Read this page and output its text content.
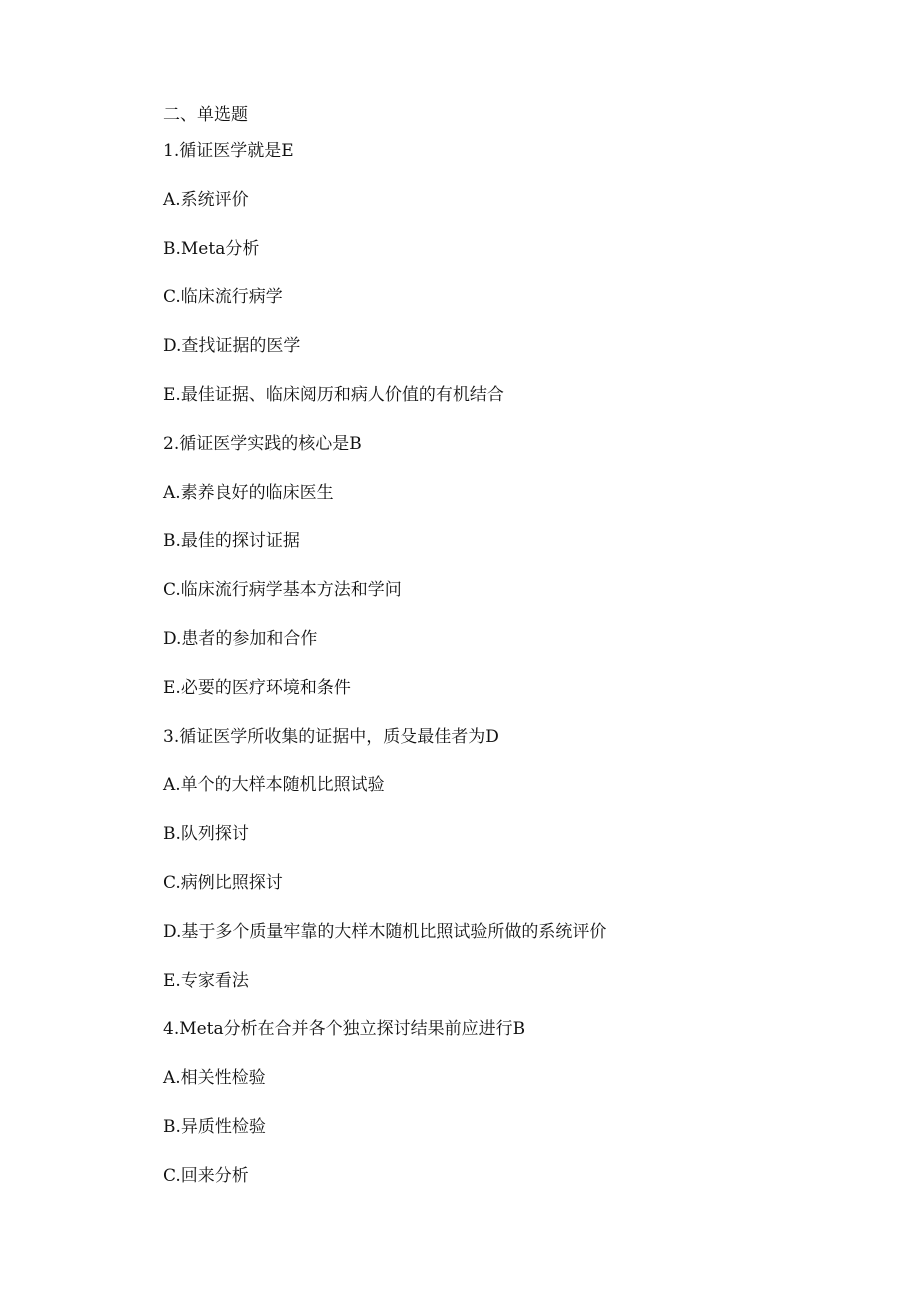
二、单选题
1.循证医学就是E
A.系统评价
B.Meta分析
C.临床流行病学
D.查找证据的医学
E.最佳证据、临床阅历和病人价值的有机结合
2.循证医学实践的核心是B
A.素养良好的临床医生
B.最佳的探讨证据
C.临床流行病学基本方法和学问
D.患者的参加和合作
E.必要的医疗环境和条件
3.循证医学所收集的证据中，质殳最佳者为D
A.单个的大样本随机比照试验
B.队列探讨
C.病例比照探讨
D.基于多个质量牢靠的大样木随机比照试验所做的系统评价
E.专家看法
4.Meta分析在合并各个独立探讨结果前应进行B
A.相关性检验
B.异质性检验
C.回来分析
